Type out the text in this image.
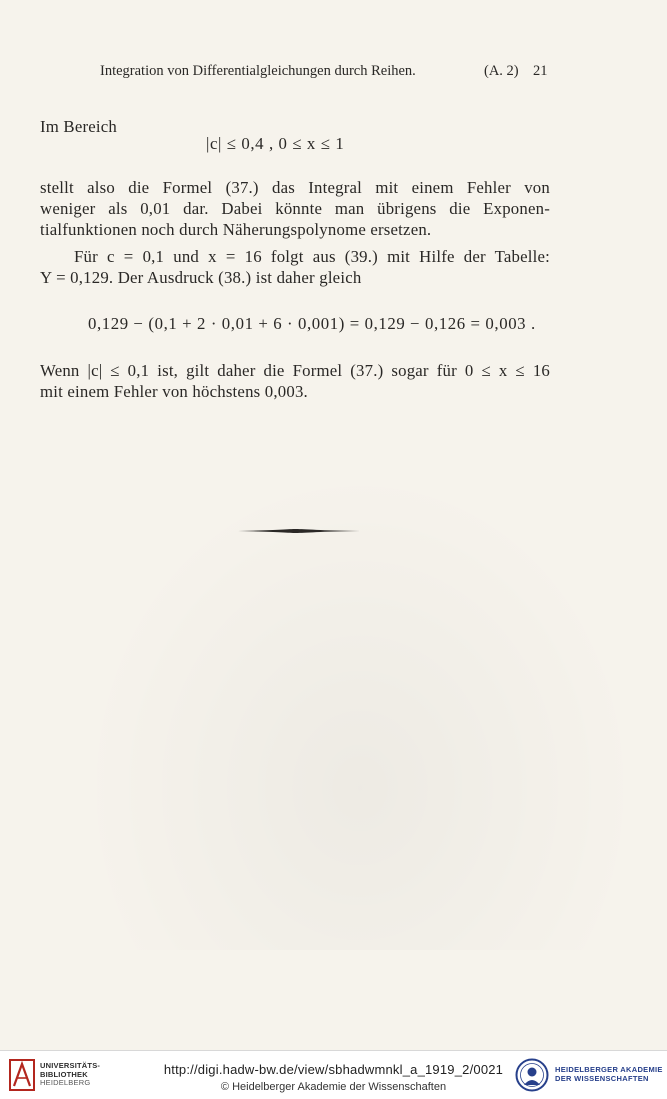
Integration von Differentialgleichungen durch Reihen.	(A. 2) 21
Im Bereich
|c| ≤ 0,4 , 0 ≤ x ≤ 1
stellt also die Formel (37.) das Integral mit einem Fehler von
weniger als 0,01 dar. Dabei könnte man übrigens die Exponen-
tialfunktionen noch durch Näherungspolynome ersetzen.
Für c = 0,1 und x = 16 folgt aus (39.) mit Hilfe der Tabelle:
Y = 0,129. Der Ausdruck (38.) ist daher gleich
0,129 − (0,1 + 2 · 0,01 + 6 · 0,001) = 0,129 − 0,126 = 0,003 .
Wenn |c| ≤ 0,1 ist, gilt daher die Formel (37.) sogar für 0 ≤ x ≤ 16
mit einem Fehler von höchstens 0,003.
UNIVERSITÄTS-
BIBLIOTHEK
HEIDELBERG
http://digi.hadw-bw.de/view/sbhadwmnkl_a_1919_2/0021
© Heidelberger Akademie der Wissenschaften
HEIDELBERGER AKADEMIE
DER WISSENSCHAFTEN
